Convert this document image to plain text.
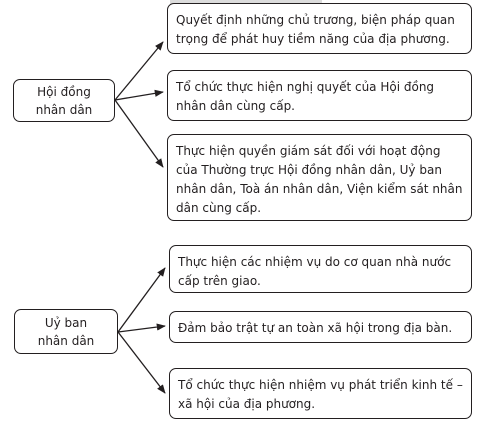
Hội đồng
nhân dân
Uỷ ban
nhân dân
Quyết định những chủ trương, biện pháp quan trọng để phát huy tiềm năng của địa phương.
Tổ chức thực hiện nghị quyết của Hội đồng nhân dân cùng cấp.
Thực hiện quyền giám sát đối với hoạt động của Thường trực Hội đồng nhân dân, Uỷ ban nhân dân, Toà án nhân dân, Viện kiểm sát nhân dân cùng cấp.
Thực hiện các nhiệm vụ do cơ quan nhà nước cấp trên giao.
Đảm bảo trật tự an toàn xã hội trong địa bàn.
Tổ chức thực hiện nhiệm vụ phát triển kinh tế – xã hội của địa phương.
